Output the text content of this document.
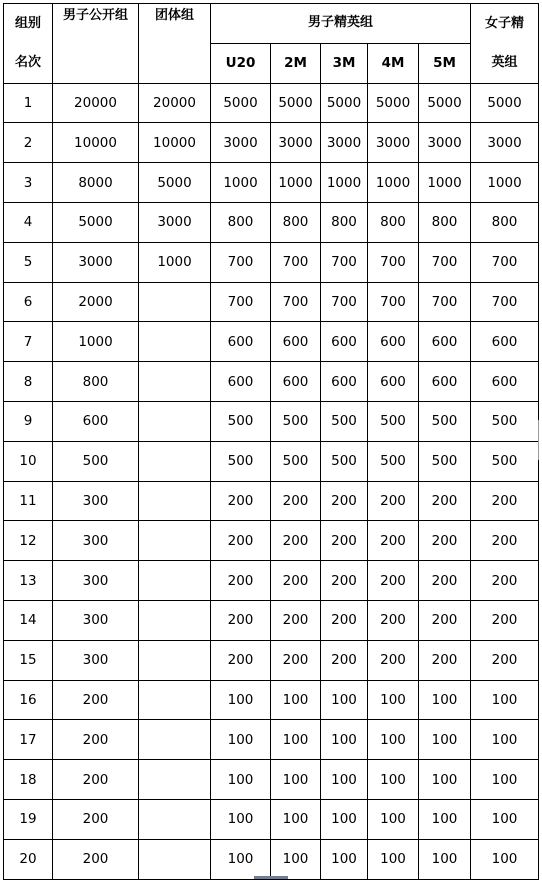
组别	男子公开组	团体组	男子精英组					女子精
名次			U20	2M	3M	4M	5M	英组
1	20000	20000	5000	5000	5000	5000	5000	5000
2	10000	10000	3000	3000	3000	3000	3000	3000
3	8000	5000	1000	1000	1000	1000	1000	1000
4	5000	3000	800	800	800	800	800	800
5	3000	1000	700	700	700	700	700	700
6	2000		700	700	700	700	700	700
7	1000		600	600	600	600	600	600
8	800		600	600	600	600	600	600
9	600		500	500	500	500	500	500
10	500		500	500	500	500	500	500
11	300		200	200	200	200	200	200
12	300		200	200	200	200	200	200
13	300		200	200	200	200	200	200
14	300		200	200	200	200	200	200
15	300		200	200	200	200	200	200
16	200		100	100	100	100	100	100
17	200		100	100	100	100	100	100
18	200		100	100	100	100	100	100
19	200		100	100	100	100	100	100
20	200		100	100	100	100	100	100
